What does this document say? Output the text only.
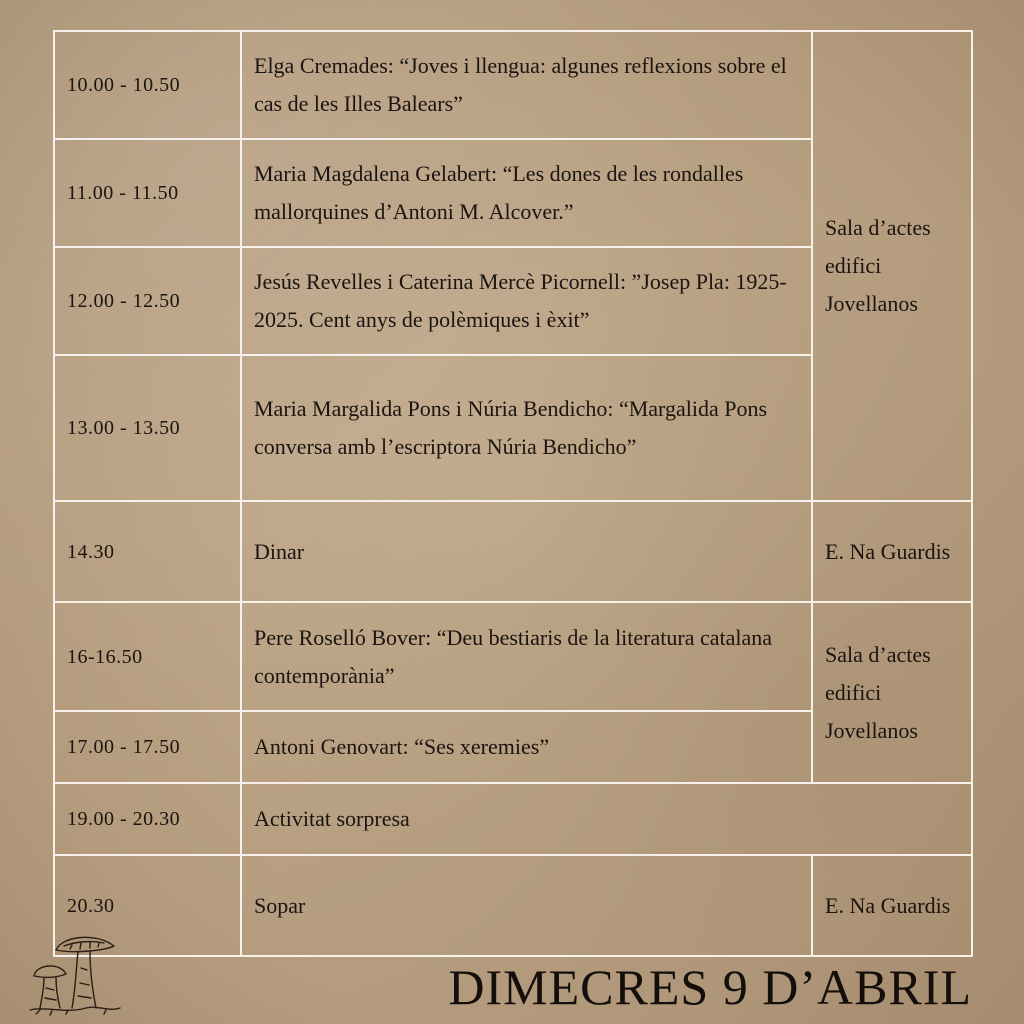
10.00 - 10.50	Elga Cremades: “Joves i llengua: algunes reflexions sobre el cas de les Illes Balears”	Sala d’actes edifici Jovellanos
11.00 - 11.50	Maria Magdalena Gelabert: “Les dones de les rondalles mallorquines d’Antoni M. Alcover.”	
12.00 - 12.50	Jesús Revelles i Caterina Mercè Picornell: ”Josep Pla: 1925-2025. Cent anys de polèmiques i èxit”	
13.00 - 13.50	Maria Margalida Pons i Núria Bendicho: “Margalida Pons conversa amb l’escriptora Núria Bendicho”	
14.30	Dinar	E. Na Guardis
16-16.50	Pere Roselló Bover: “Deu bestiaris de la literatura catalana contemporània”	Sala d’actes edifici Jovellanos
17.00 - 17.50	Antoni Genovart: “Ses xeremies”	
19.00 - 20.30	Activitat sorpresa	
20.30	Sopar	E. Na Guardis
DIMECRES 9 D’ABRIL
